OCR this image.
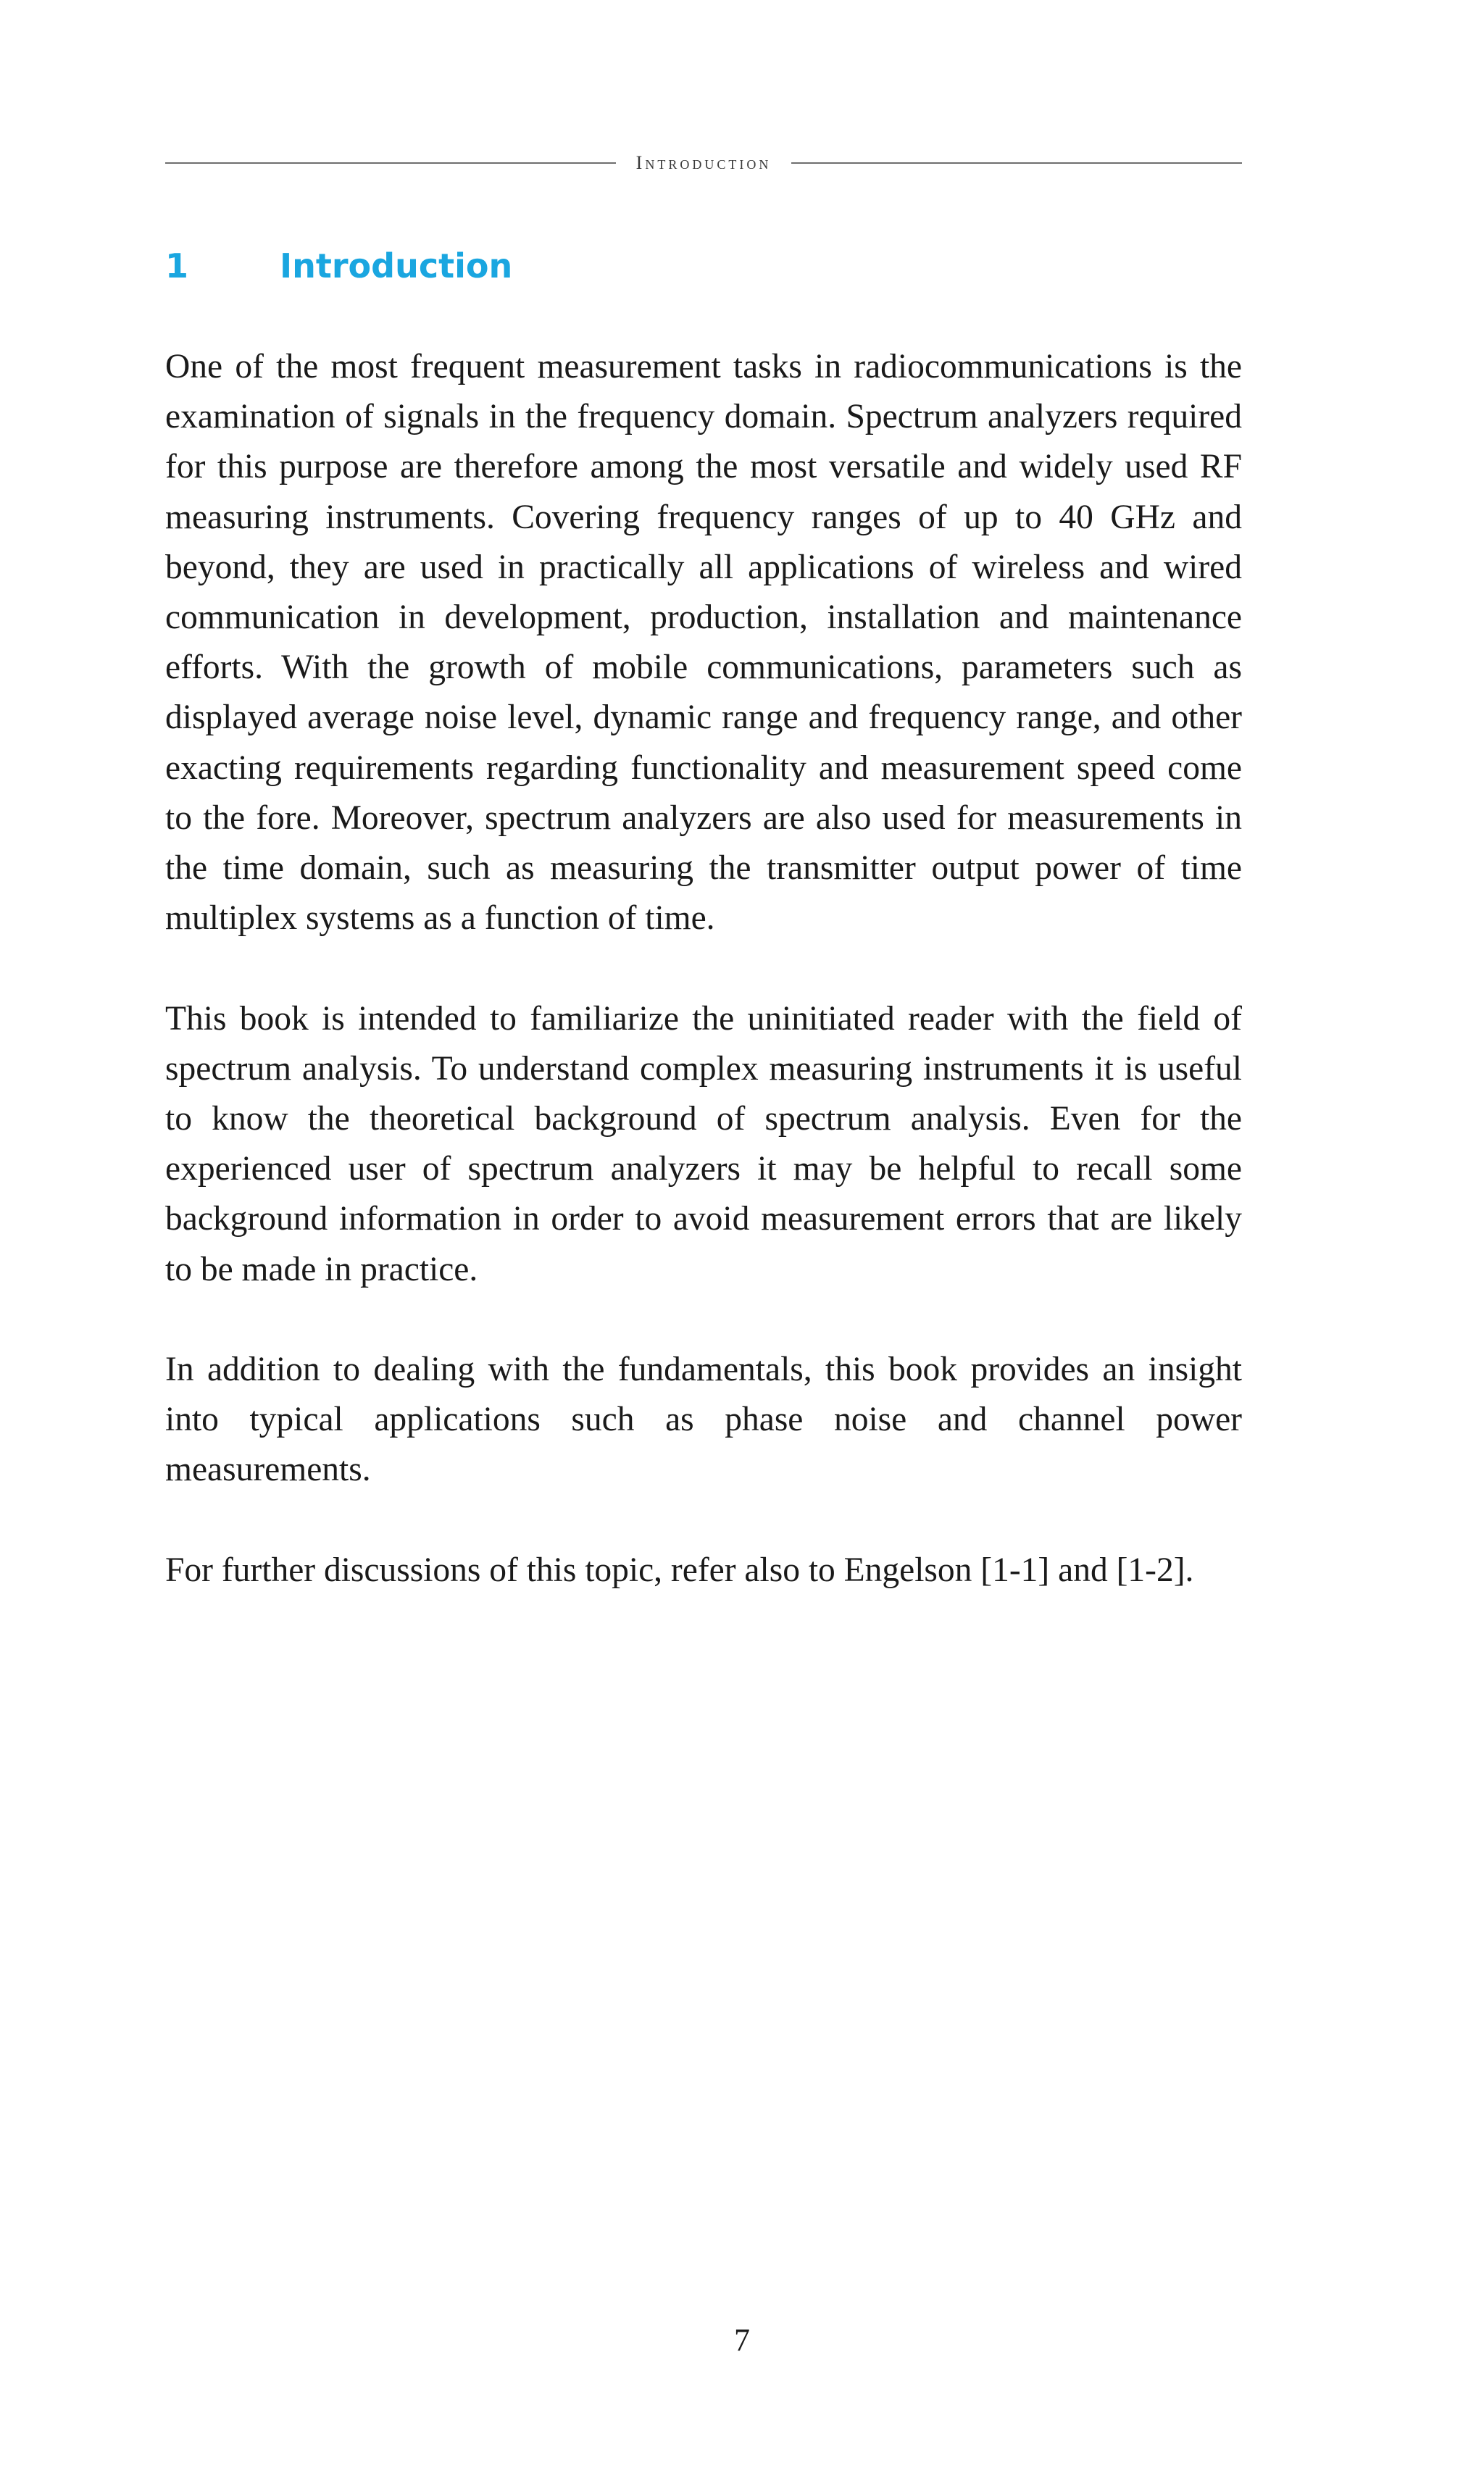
Introduction
1	Introduction

One of the most frequent measurement tasks in radiocommunications is the examination of signals in the frequency domain. Spectrum analyzers required for this purpose are therefore among the most versatile and widely used RF measuring instruments. Covering frequency ranges of up to 40 GHz and beyond, they are used in practically all applications of wireless and wired communication in development, production, installation and maintenance efforts. With the growth of mobile communications, parameters such as displayed average noise level, dynamic range and frequency range, and other exacting requirements regarding functionality and measurement speed come to the fore. Moreover, spectrum analyzers are also used for measurements in the time domain, such as measuring the transmitter output power of time multiplex systems as a function of time.

This book is intended to familiarize the uninitiated reader with the field of spectrum analysis. To understand complex measuring instruments it is useful to know the theoretical background of spectrum analysis. Even for the experienced user of spectrum analyzers it may be helpful to recall some background information in order to avoid measurement errors that are likely to be made in practice.

In addition to dealing with the fundamentals, this book provides an insight into typical applications such as phase noise and channel power measurements.

For further discussions of this topic, refer also to Engelson [1-1] and [1-2].

7
